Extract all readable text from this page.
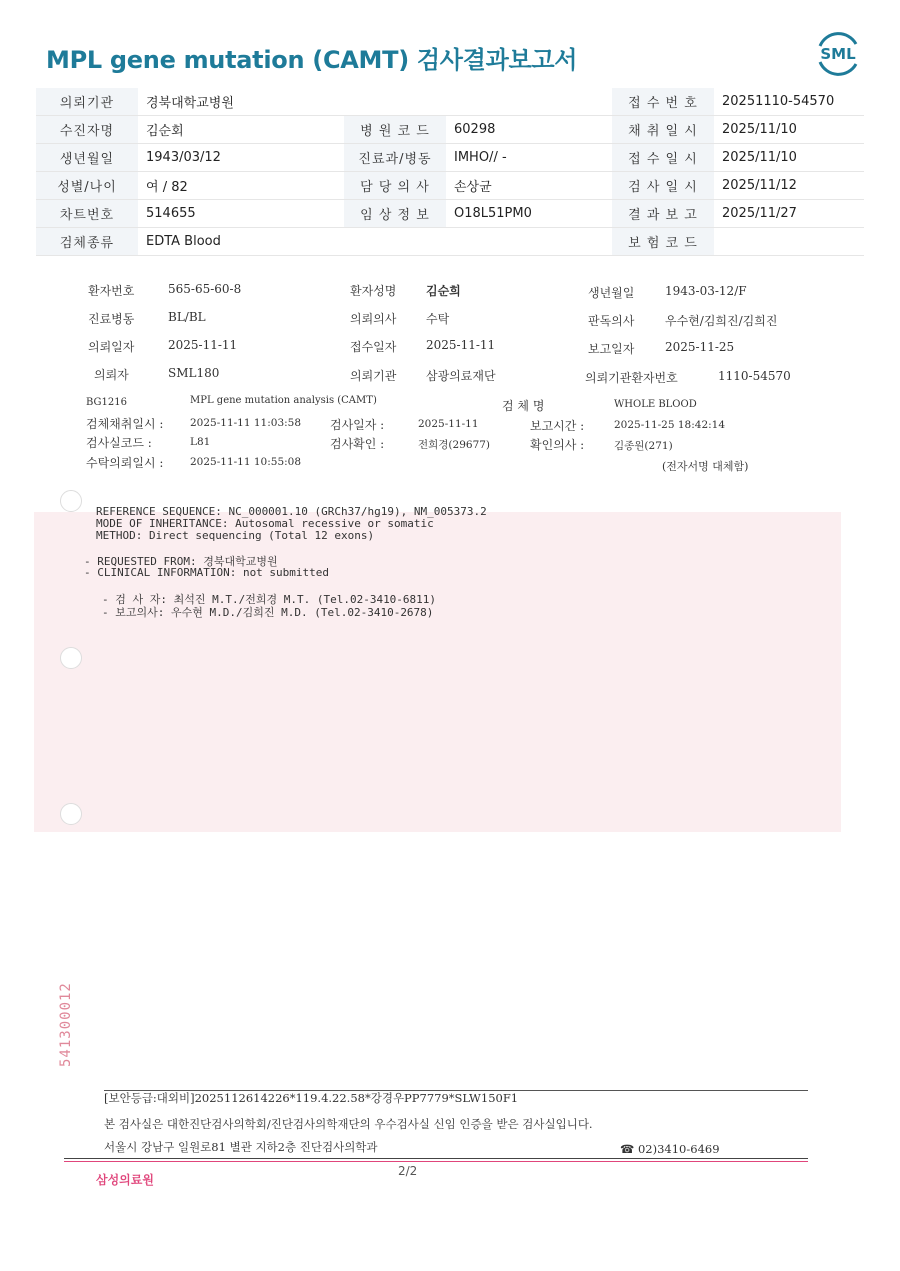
MPL gene mutation (CAMT) 검사결과보고서	SML
의뢰기관	경북대학교병원			접 수 번 호	20251110-54570
수진자명	김순회	병 원 코 드	60298	채 취 일 시	2025/11/10
생년월일	1943/03/12	진료과/병동	IMHO// -	접 수 일 시	2025/11/10
성별/나이	여 / 82	담 당 의 사	손상균	검 사 일 시	2025/11/12
차트번호	514655	임 상 정 보	O18L51PM0	결 과 보 고	2025/11/27
검체종류	EDTA Blood			보 험 코 드	
환자번호	565-65-60-8	환자성명 김순희	생년월일	1943-03-12/F
진료병동	BL/BL	의뢰의사 수탁	판독의사	우수현/김희진/김희진
의뢰일자	2025-11-11	접수일자 2025-11-11	보고일자	2025-11-25
의뢰자	SML180	의뢰기관 삼광의료재단	의뢰기관환자번호	1110-54570
BG1216	MPL gene mutation analysis (CAMT)	검 체 명	WHOLE BLOOD
검체채취일시 :	2025-11-11 11:03:58 검사일자 :	2025-11-11	보고시간 :	2025-11-25 18:42:14
검사실코드 :	L81	검사확인 :	전희경(29677)	확인의사 :	김종원(271)
수탁의뢰일시 :	2025-11-11 10:55:08	(전자서명 대체함)
REFERENCE SEQUENCE: NC_000001.10 (GRCh37/hg19), NM_005373.2
MODE OF INHERITANCE: Autosomal recessive or somatic
METHOD: Direct sequencing (Total 12 exons)
- REQUESTED FROM: 경북대학교병원
- CLINICAL INFORMATION: not submitted
- 검 사 자: 최석진 M.T./전희경 M.T. (Tel.02-3410-6811)
- 보고의사: 우수현 M.D./김희진 M.D. (Tel.02-3410-2678)
541300012
[보안등급:대외비]2025112614226*119.4.22.58*강경우PP7779*SLW150F1
본 검사실은 대한진단검사의학회/진단검사의학재단의 우수검사실 신임 인증을 받은 검사실입니다.
서울시 강남구 일원로81 별관 지하2층 진단검사의학과	☎ 02)3410-6469
2/2
삼성의료원
